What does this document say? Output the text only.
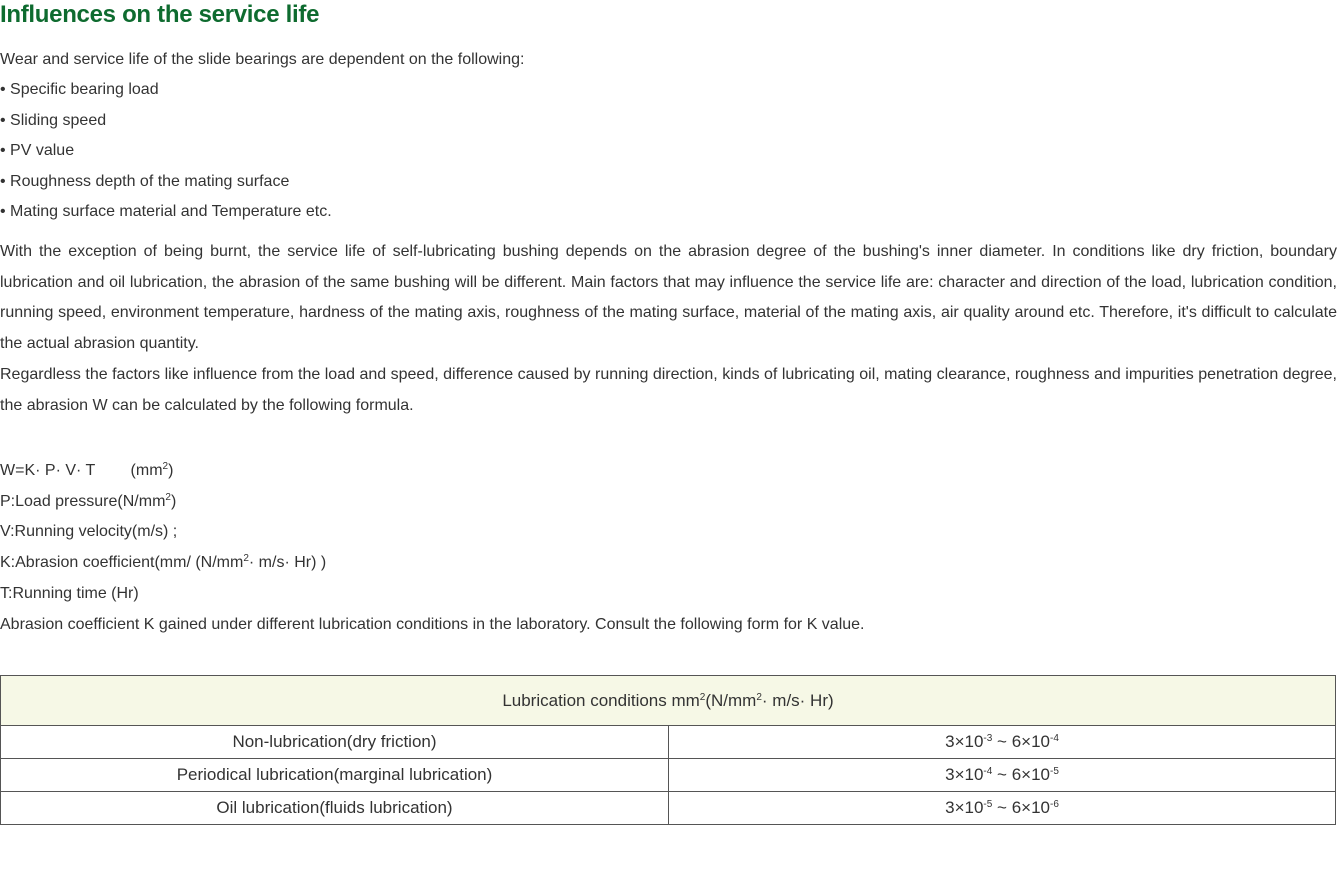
Influences on the service life

Wear and service life of the slide bearings are dependent on the following:

• Specific bearing load
• Sliding speed
• PV value
• Roughness depth of the mating surface
• Mating surface material and Temperature etc.

With the exception of being burnt, the service life of self-lubricating bushing depends on the abrasion degree of the bushing's inner diameter. In conditions like dry friction, boundary lubrication and oil lubrication, the abrasion of the same bushing will be different. Main factors that may influence the service life are: character and direction of the load, lubrication condition, running speed, environment temperature, hardness of the mating axis, roughness of the mating surface, material of the mating axis, air quality around etc. Therefore, it's difficult to calculate the actual abrasion quantity.

Regardless the factors like influence from the load and speed, difference caused by running direction, kinds of lubricating oil, mating clearance, roughness and impurities penetration degree, the abrasion W can be calculated by the following formula.

W=K· P· V· T $(mm^2)$
P:Load $pressure(N/mm^2)$
V:Running velocity(m/s) ;
K:Abrasion coefficient(mm/ $(N/mm^2\cdot m/s\cdot Hr)$ )
T:Running time (Hr)
Abrasion coefficient K gained under different lubrication conditions in the laboratory. Consult the following form for K value.
Lubrication conditions $mm^2(N/mm^2\cdot m/s\cdot Hr)$	
Non-lubrication(dry friction)	$3\times 10^{-3}$ ~ $6\times 10^{-4}$
Periodical lubrication(marginal lubrication)	$3\times 10^{-4}$ ~ $6\times 10^{-5}$
Oil lubrication(fluids lubrication)	$3\times 10^{-5}$ ~ $6\times 10^{-6}$
